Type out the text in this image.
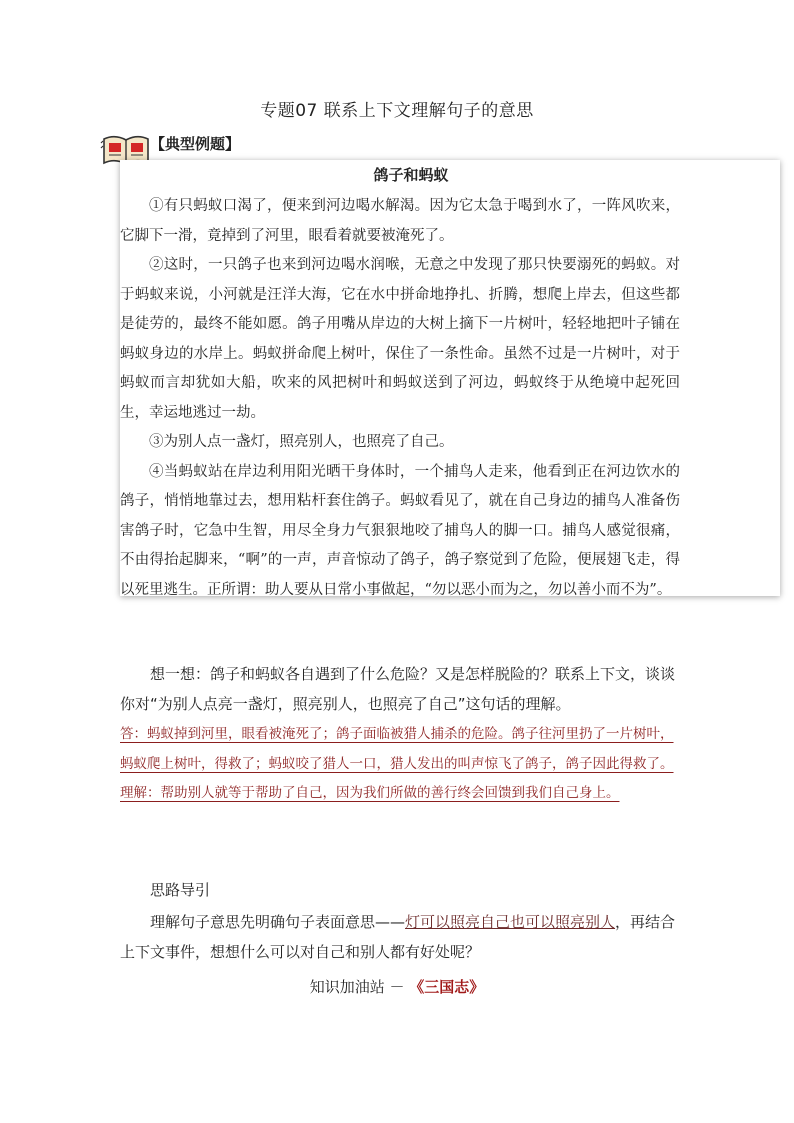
专题07 联系上下文理解句子的意思
【典型例题】
鸽子和蚂蚁

①有只蚂蚁口渴了，便来到河边喝水解渴。因为它太急于喝到水了，一阵风吹来，它脚下一滑，竟掉到了河里，眼看着就要被淹死了。

②这时，一只鸽子也来到河边喝水润喉，无意之中发现了那只快要溺死的蚂蚁。对于蚂蚁来说，小河就是汪洋大海，它在水中拼命地挣扎、折腾，想爬上岸去，但这些都是徒劳的，最终不能如愿。鸽子用嘴从岸边的大树上摘下一片树叶，轻轻地把叶子铺在蚂蚁身边的水岸上。蚂蚁拼命爬上树叶，保住了一条性命。虽然不过是一片树叶，对于蚂蚁而言却犹如大船，吹来的风把树叶和蚂蚁送到了河边，蚂蚁终于从绝境中起死回生，幸运地逃过一劫。

③为别人点一盏灯，照亮别人，也照亮了自己。

④当蚂蚁站在岸边利用阳光晒干身体时，一个捕鸟人走来，他看到正在河边饮水的鸽子，悄悄地靠过去，想用粘杆套住鸽子。蚂蚁看见了，就在自己身边的捕鸟人准备伤害鸽子时，它急中生智，用尽全身力气狠狠地咬了捕鸟人的脚一口。捕鸟人感觉很痛，不由得抬起脚来，“啊”的一声，声音惊动了鸽子，鸽子察觉到了危险，便展翅飞走，得以死里逃生。正所谓：助人要从日常小事做起，“勿以恶小而为之，勿以善小而不为”。

想一想：鸽子和蚂蚁各自遇到了什么危险？又是怎样脱险的？联系上下文，谈谈你对“为别人点亮一盏灯，照亮别人，也照亮了自己”这句话的理解。

答：蚂蚁掉到河里，眼看被淹死了；鸽子面临被猎人捕杀的危险。鸽子往河里扔了一片树叶，蚂蚁爬上树叶，得救了；蚂蚁咬了猎人一口，猎人发出的叫声惊飞了鸽子，鸽子因此得救了。

理解：帮助别人就等于帮助了自己，因为我们所做的善行终会回馈到我们自己身上。

思路导引

理解句子意思先明确句子表面意思——灯可以照亮自己也可以照亮别人，再结合上下文事件，想想什么可以对自己和别人都有好处呢？

知识加油站 － 《三国志》
